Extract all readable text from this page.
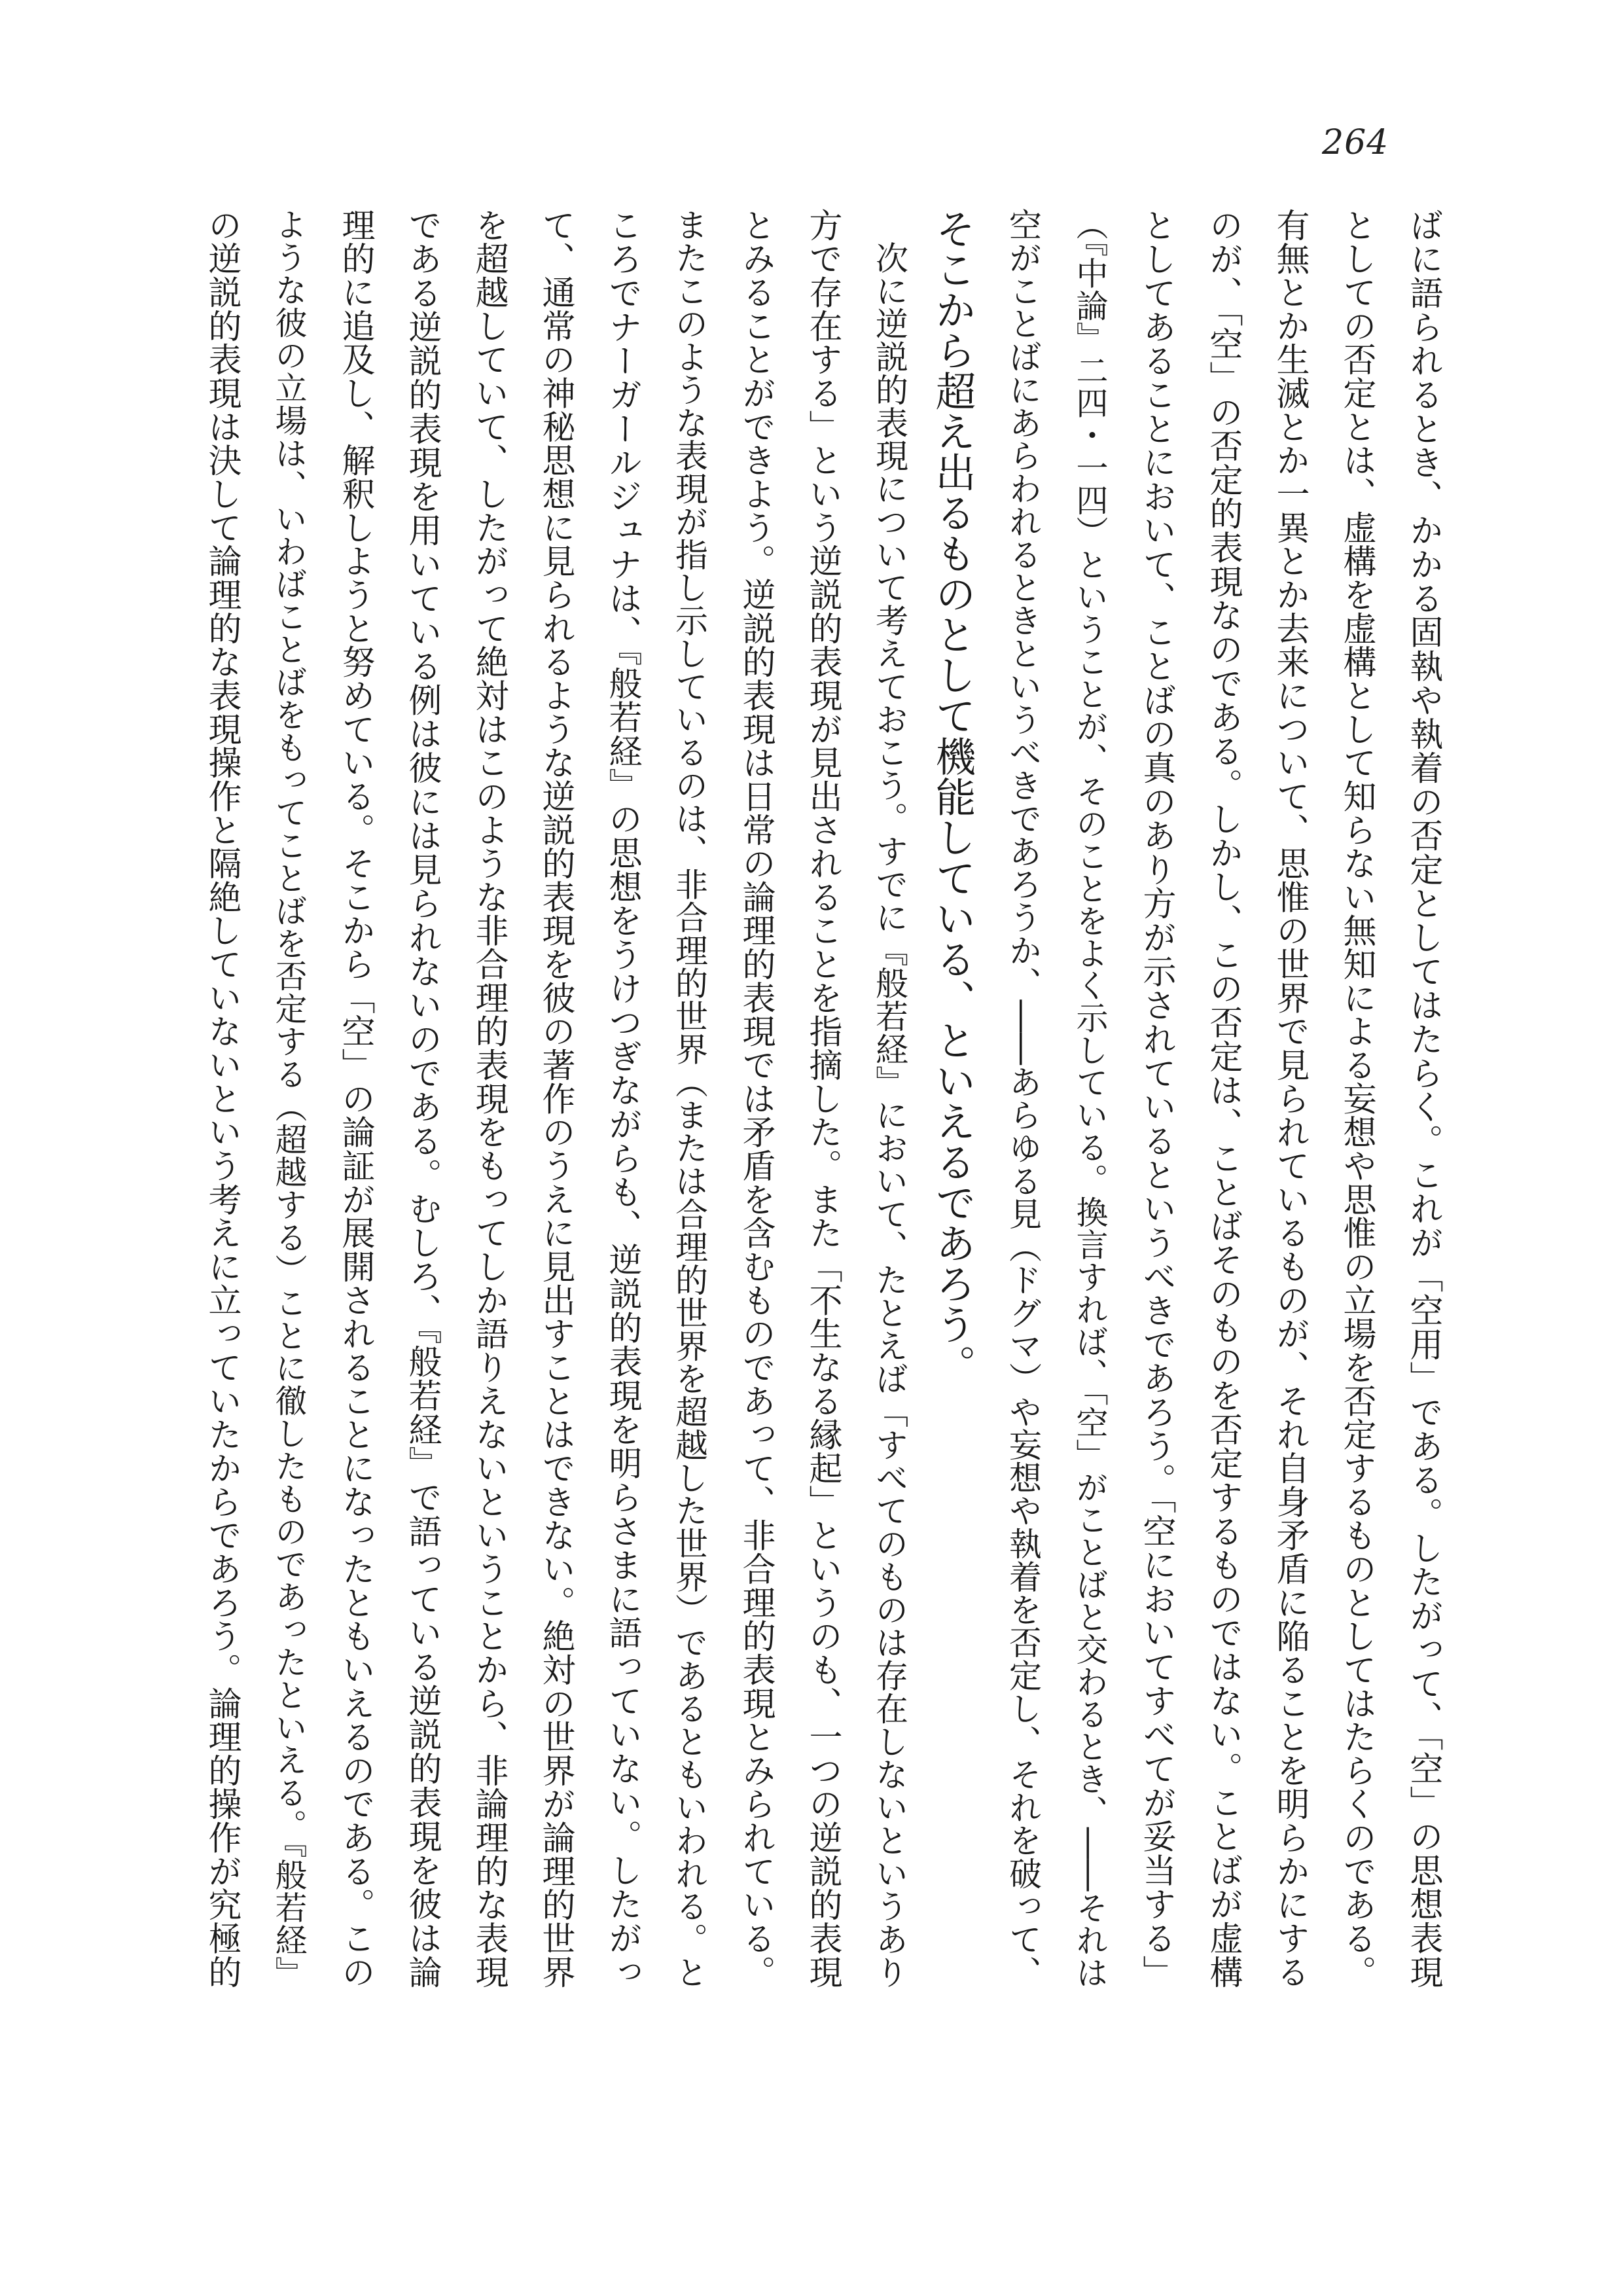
264
ばに語られるとき、かかる固執や執着の否定としてはたらく。これが「空用」である。したがって、「空」の思想表現
としての否定とは、虚構を虚構として知らない無知による妄想や思惟の立場を否定するものとしてはたらくのである。
有無とか生滅とか一異とか去来について、思惟の世界で見られているものが、それ自身矛盾に陥ることを明らかにする
のが、「空」の否定的表現なのである。しかし、この否定は、ことばそのものを否定するものではない。ことばが虚構
としてあることにおいて、ことばの真のあり方が示されているというべきであろう。「空においてすべてが妥当する」
（『中論』二四・一四）ということが、そのことをよく示している。換言すれば、「空」がことばと交わるとき、――それは
空がことばにあらわれるときというべきであろうか、――あらゆる見（ドグマ）や妄想や執着を否定し、それを破って、
そこから超え出るものとして機能している、といえるであろう。
　次に逆説的表現について考えておこう。すでに『般若経』において、たとえば「すべてのものは存在しないというあり
方で存在する」という逆説的表現が見出されることを指摘した。また「不生なる縁起」というのも、一つの逆説的表現
とみることができよう。逆説的表現は日常の論理的表現では矛盾を含むものであって、非合理的表現とみられている。
またこのような表現が指し示しているのは、非合理的世界（または合理的世界を超越した世界）であるともいわれる。と
ころでナーガールジュナは、『般若経』の思想をうけつぎながらも、逆説的表現を明らさまに語っていない。したがっ
て、通常の神秘思想に見られるような逆説的表現を彼の著作のうえに見出すことはできない。絶対の世界が論理的世界
を超越していて、したがって絶対はこのような非合理的表現をもってしか語りえないということから、非論理的な表現
である逆説的表現を用いている例は彼には見られないのである。むしろ、『般若経』で語っている逆説的表現を彼は論
理的に追及し、解釈しようと努めている。そこから「空」の論証が展開されることになったともいえるのである。この
ような彼の立場は、いわばことばをもってことばを否定する（超越する）ことに徹したものであったといえる。『般若経』
の逆説的表現は決して論理的な表現操作と隔絶していないという考えに立っていたからであろう。論理的操作が究極的
